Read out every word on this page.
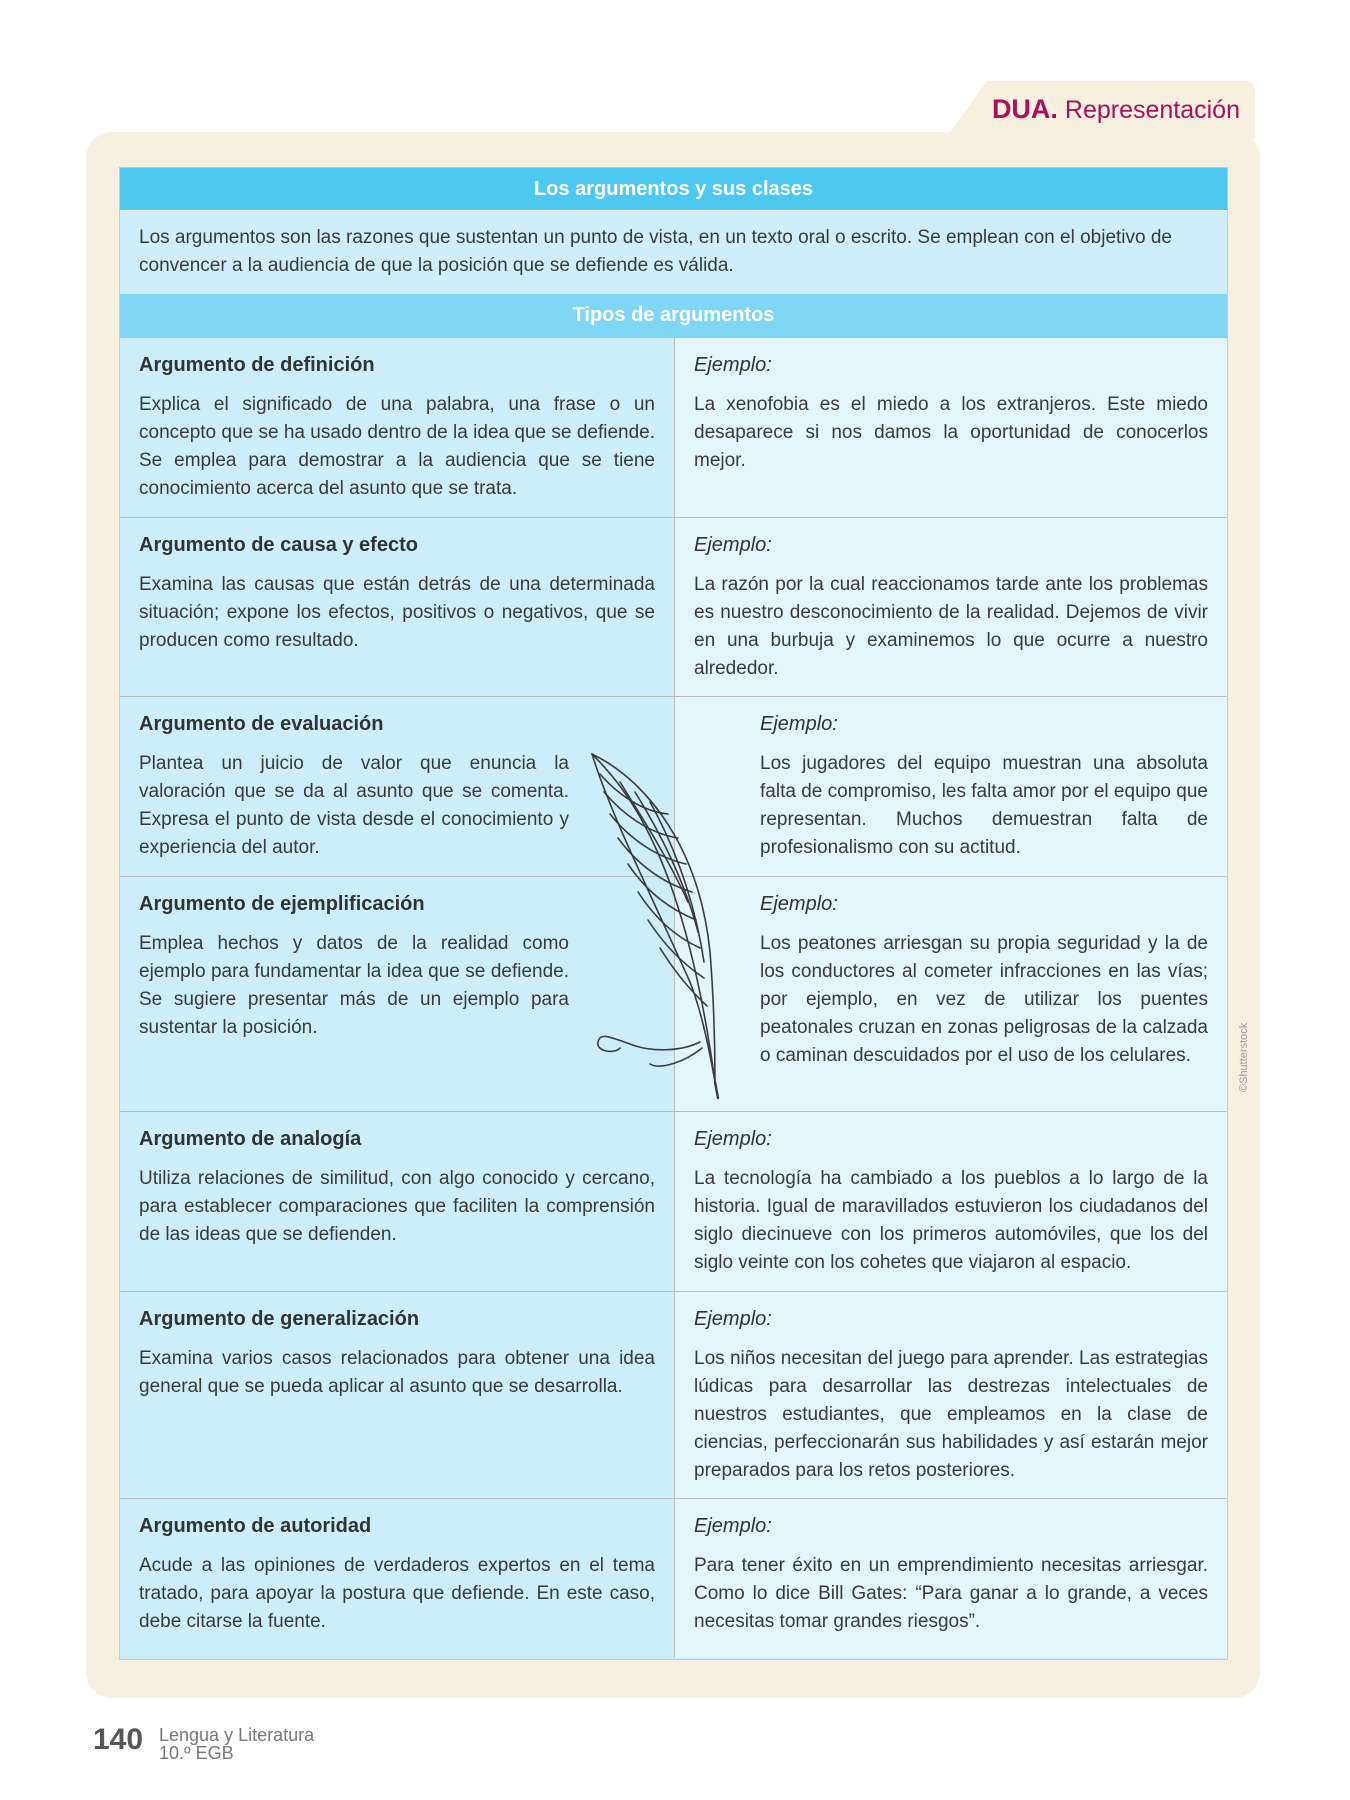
DUA. Representación
Los argumentos y sus clases
Los argumentos son las razones que sustentan un punto de vista, en un texto oral o escrito. Se emplean con el objetivo de convencer a la audiencia de que la posición que se defiende es válida.
Tipos de argumentos
Argumento de definición
Explica el significado de una palabra, una frase o un concepto que se ha usado dentro de la idea que se defiende. Se emplea para demostrar a la audiencia que se tiene conocimiento acerca del asunto que se trata.
Ejemplo:
La xenofobia es el miedo a los extranjeros. Este miedo desaparece si nos damos la oportunidad de conocerlos mejor.
Argumento de causa y efecto
Examina las causas que están detrás de una determinada situación; expone los efectos, positivos o negativos, que se producen como resultado.
Ejemplo:
La razón por la cual reaccionamos tarde ante los problemas es nuestro desconocimiento de la realidad. Dejemos de vivir en una burbuja y examinemos lo que ocurre a nuestro alrededor.
Argumento de evaluación
Plantea un juicio de valor que enuncia la valoración que se da al asunto que se comenta. Expresa el punto de vista desde el conocimiento y experiencia del autor.
Ejemplo:
Los jugadores del equipo muestran una absoluta falta de compromiso, les falta amor por el equipo que representan. Muchos demuestran falta de profesionalismo con su actitud.
Argumento de ejemplificación
Emplea hechos y datos de la realidad como ejemplo para fundamentar la idea que se defiende. Se sugiere presentar más de un ejemplo para sustentar la posición.
Ejemplo:
Los peatones arriesgan su propia seguridad y la de los conductores al cometer infracciones en las vías; por ejemplo, en vez de utilizar los puentes peatonales cruzan en zonas peligrosas de la calzada o caminan descuidados por el uso de los celulares.
Argumento de analogía
Utiliza relaciones de similitud, con algo conocido y cercano, para establecer comparaciones que faciliten la comprensión de las ideas que se defienden.
Ejemplo:
La tecnología ha cambiado a los pueblos a lo largo de la historia. Igual de maravillados estuvieron los ciudadanos del siglo diecinueve con los primeros automóviles, que los del siglo veinte con los cohetes que viajaron al espacio.
Argumento de generalización
Examina varios casos relacionados para obtener una idea general que se pueda aplicar al asunto que se desarrolla.
Ejemplo:
Los niños necesitan del juego para aprender. Las estrategias lúdicas para desarrollar las destrezas intelectuales de nuestros estudiantes, que empleamos en la clase de ciencias, perfeccionarán sus habilidades y así estarán mejor preparados para los retos posteriores.
Argumento de autoridad
Acude a las opiniones de verdaderos expertos en el tema tratado, para apoyar la postura que defiende. En este caso, debe citarse la fuente.
Ejemplo:
Para tener éxito en un emprendimiento necesitas arriesgar. Como lo dice Bill Gates: “Para ganar a lo grande, a veces necesitas tomar grandes riesgos”.
©Shutterstock
140 Lengua y Literatura
10.º EGB
